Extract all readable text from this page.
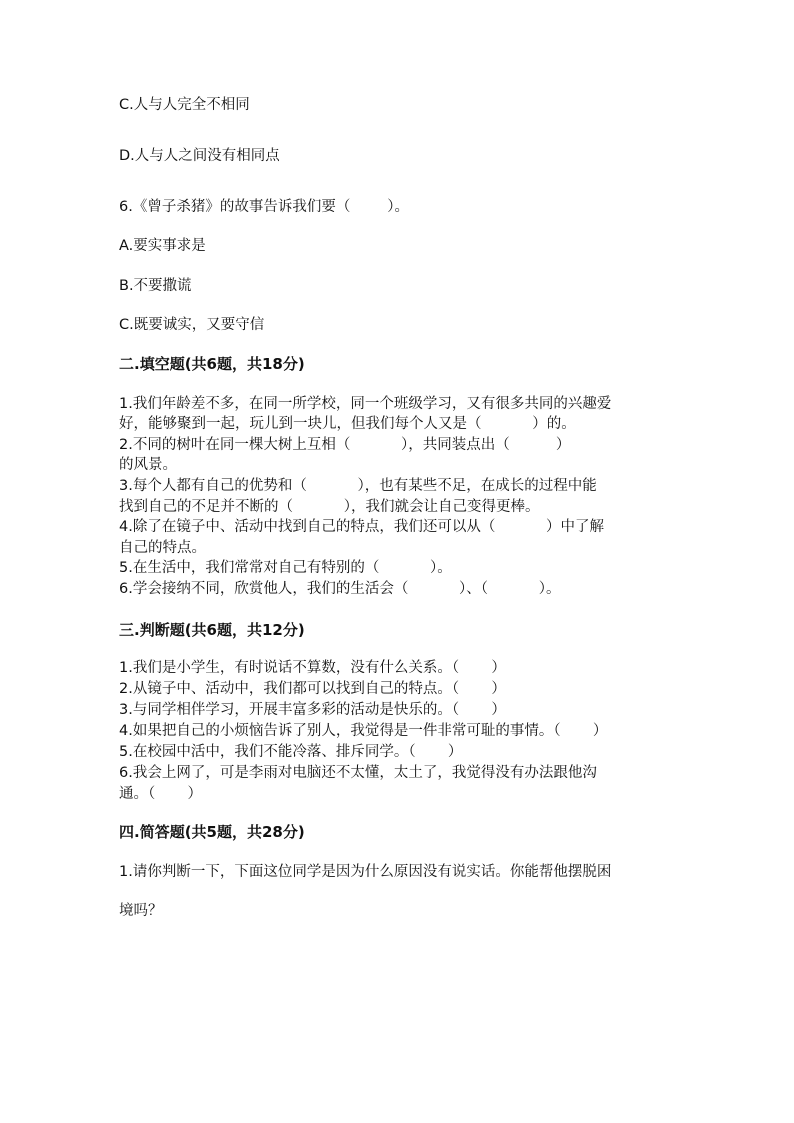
C.人与人完全不相同
D.人与人之间没有相同点
6.《曾子杀猪》的故事告诉我们要（        ）。
A.要实事求是
B.不要撒谎
C.既要诚实，又要守信
二.填空题(共6题，共18分)
1.我们年龄差不多，在同一所学校，同一个班级学习，又有很多共同的兴趣爱
好，能够聚到一起，玩儿到一块儿，但我们每个人又是（           ）的。
2.不同的树叶在同一棵大树上互相（           ），共同装点出（          ）
的风景。
3.每个人都有自己的优势和（           ），也有某些不足，在成长的过程中能
找到自己的不足并不断的（           ），我们就会让自己变得更棒。
4.除了在镜子中、活动中找到自己的特点，我们还可以从（           ）中了解
自己的特点。
5.在生活中，我们常常对自己有特别的（           ）。
6.学会接纳不同，欣赏他人，我们的生活会（           ）、（           ）。
三.判断题(共6题，共12分)
1.我们是小学生，有时说话不算数，没有什么关系。（       ）
2.从镜子中、活动中，我们都可以找到自己的特点。（       ）
3.与同学相伴学习，开展丰富多彩的活动是快乐的。（       ）
4.如果把自己的小烦恼告诉了别人，我觉得是一件非常可耻的事情。（       ）
5.在校园中活中，我们不能冷落、排斥同学。（       ）
6.我会上网了，可是李雨对电脑还不太懂，太土了，我觉得没有办法跟他沟
通。（       ）
四.简答题(共5题，共28分)
1.请你判断一下，下面这位同学是因为什么原因没有说实话。你能帮他摆脱困
境吗？
